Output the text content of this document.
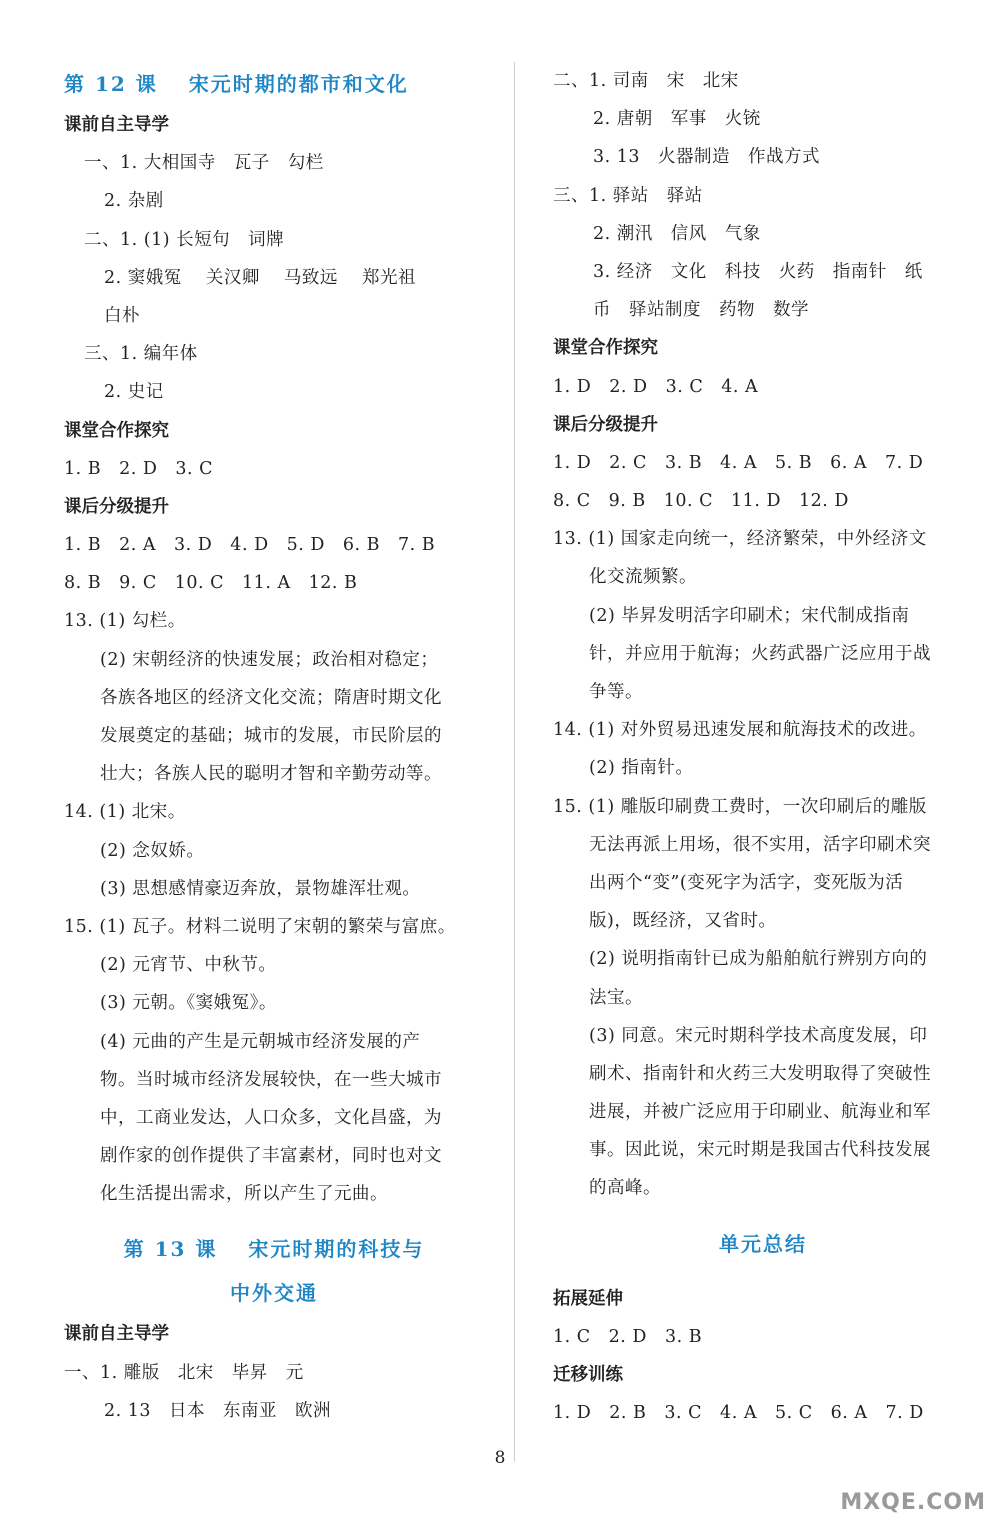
第 12 课　 宋元时期的都市和文化
课前自主导学
一、1. 大相国寺　瓦子　勾栏
2. 杂剧
二、1. (1) 长短句　词牌
2. 窦娥冤　 关汉卿　 马致远　 郑光祖
白朴
三、1. 编年体
2. 史记
课堂合作探究
1. B　2. D　3. C
课后分级提升
1. B　2. A　3. D　4. D　5. D　6. B　7. B
8. B　9. C　10. C　11. A　12. B
13. (1) 勾栏。
(2) 宋朝经济的快速发展；政治相对稳定；
各族各地区的经济文化交流；隋唐时期文化
发展奠定的基础；城市的发展，市民阶层的
壮大；各族人民的聪明才智和辛勤劳动等。
14. (1) 北宋。
(2) 念奴娇。
(3) 思想感情豪迈奔放，景物雄浑壮观。
15. (1) 瓦子。材料二说明了宋朝的繁荣与富庶。
(2) 元宵节、中秋节。
(3) 元朝。《窦娥冤》。
(4) 元曲的产生是元朝城市经济发展的产
物。当时城市经济发展较快，在一些大城市
中，工商业发达，人口众多，文化昌盛，为
剧作家的创作提供了丰富素材，同时也对文
化生活提出需求，所以产生了元曲。
第 13 课　 宋元时期的科技与
中外交通
课前自主导学
一、1. 雕版　北宋　毕昇　元
2. 13　日本　东南亚　欧洲
二、1. 司南　宋　北宋
2. 唐朝　军事　火铳
3. 13　火器制造　作战方式
三、1. 驿站　驿站
2. 潮汛　信风　气象
3. 经济　文化　科技　火药　指南针　纸
币　驿站制度　药物　数学
课堂合作探究
1. D　2. D　3. C　4. A
课后分级提升
1. D　2. C　3. B　4. A　5. B　6. A　7. D
8. C　9. B　10. C　11. D　12. D
13. (1) 国家走向统一，经济繁荣，中外经济文
化交流频繁。
(2) 毕昇发明活字印刷术；宋代制成指南
针，并应用于航海；火药武器广泛应用于战
争等。
14. (1) 对外贸易迅速发展和航海技术的改进。
(2) 指南针。
15. (1) 雕版印刷费工费时，一次印刷后的雕版
无法再派上用场，很不实用，活字印刷术突
出两个“变”(变死字为活字，变死版为活
版)，既经济，又省时。
(2) 说明指南针已成为船舶航行辨别方向的
法宝。
(3) 同意。宋元时期科学技术高度发展，印
刷术、指南针和火药三大发明取得了突破性
进展，并被广泛应用于印刷业、航海业和军
事。因此说，宋元时期是我国古代科技发展
的高峰。
单元总结
拓展延伸
1. C　2. D　3. B
迁移训练
1. D　2. B　3. C　4. A　5. C　6. A　7. D
8
MXQE.COM
